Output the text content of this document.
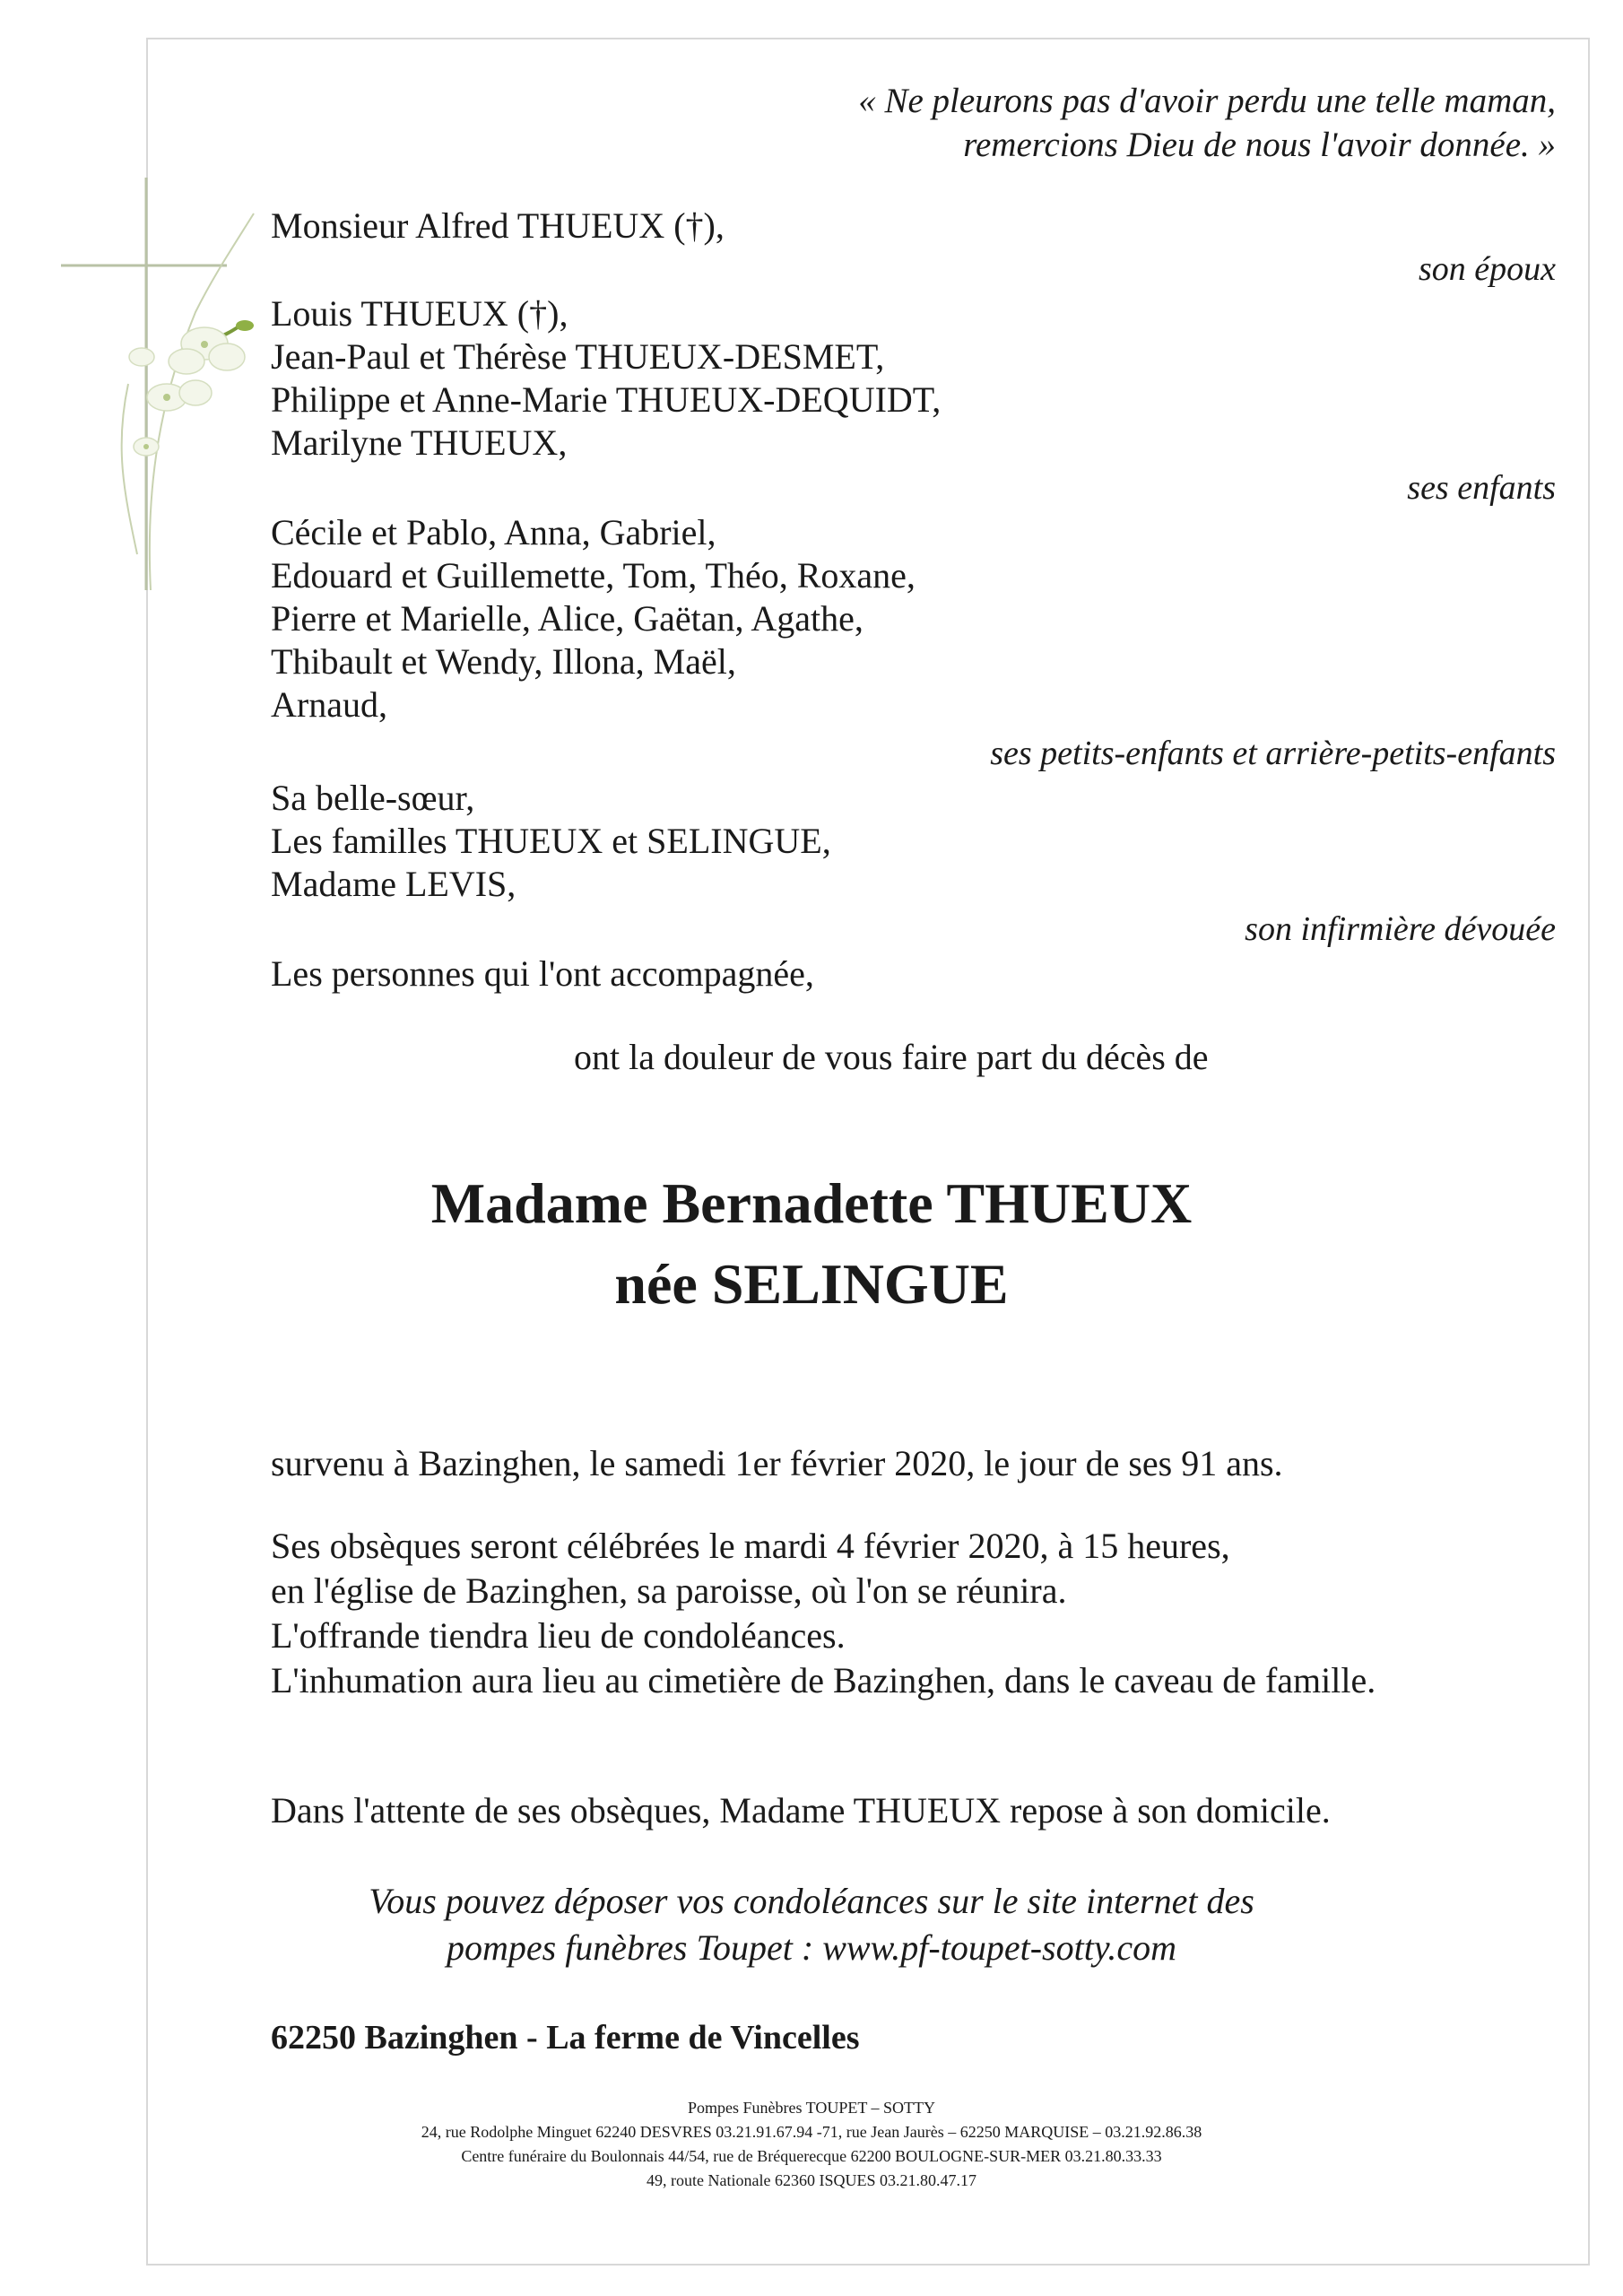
« Ne pleurons pas d'avoir perdu une telle maman,
remercions Dieu de nous l'avoir donnée. »
Monsieur Alfred THUEUX (†),
son époux
Louis THUEUX (†),
Jean-Paul et Thérèse THUEUX-DESMET,
Philippe et Anne-Marie THUEUX-DEQUIDT,
Marilyne THUEUX,
ses enfants
Cécile et Pablo, Anna, Gabriel,
Edouard et Guillemette, Tom, Théo, Roxane,
Pierre et Marielle, Alice, Gaëtan, Agathe,
Thibault et Wendy, Illona, Maël,
Arnaud,
ses petits-enfants et arrière-petits-enfants
Sa belle-sœur,
Les familles THUEUX et SELINGUE,
Madame LEVIS,
son infirmière dévouée
Les personnes qui l'ont accompagnée,
ont la douleur de vous faire part du décès de
Madame Bernadette THUEUX
née SELINGUE
survenu à Bazinghen, le samedi 1er février 2020, le jour de ses 91 ans.
Ses obsèques seront célébrées le mardi 4 février 2020, à 15 heures,
en l'église de Bazinghen, sa paroisse, où l'on se réunira.
L'offrande tiendra lieu de condoléances.
L'inhumation aura lieu au cimetière de Bazinghen, dans le caveau de famille.
Dans l'attente de ses obsèques, Madame THUEUX repose à son domicile.
Vous pouvez déposer vos condoléances sur le site internet des
pompes funèbres Toupet : www.pf-toupet-sotty.com
62250 Bazinghen - La ferme de Vincelles
Pompes Funèbres TOUPET – SOTTY
24, rue Rodolphe Minguet 62240 DESVRES 03.21.91.67.94 -71, rue Jean Jaurès – 62250 MARQUISE – 03.21.92.86.38
Centre funéraire du Boulonnais 44/54, rue de Bréquerecque 62200 BOULOGNE-SUR-MER 03.21.80.33.33
49, route Nationale 62360 ISQUES 03.21.80.47.17
